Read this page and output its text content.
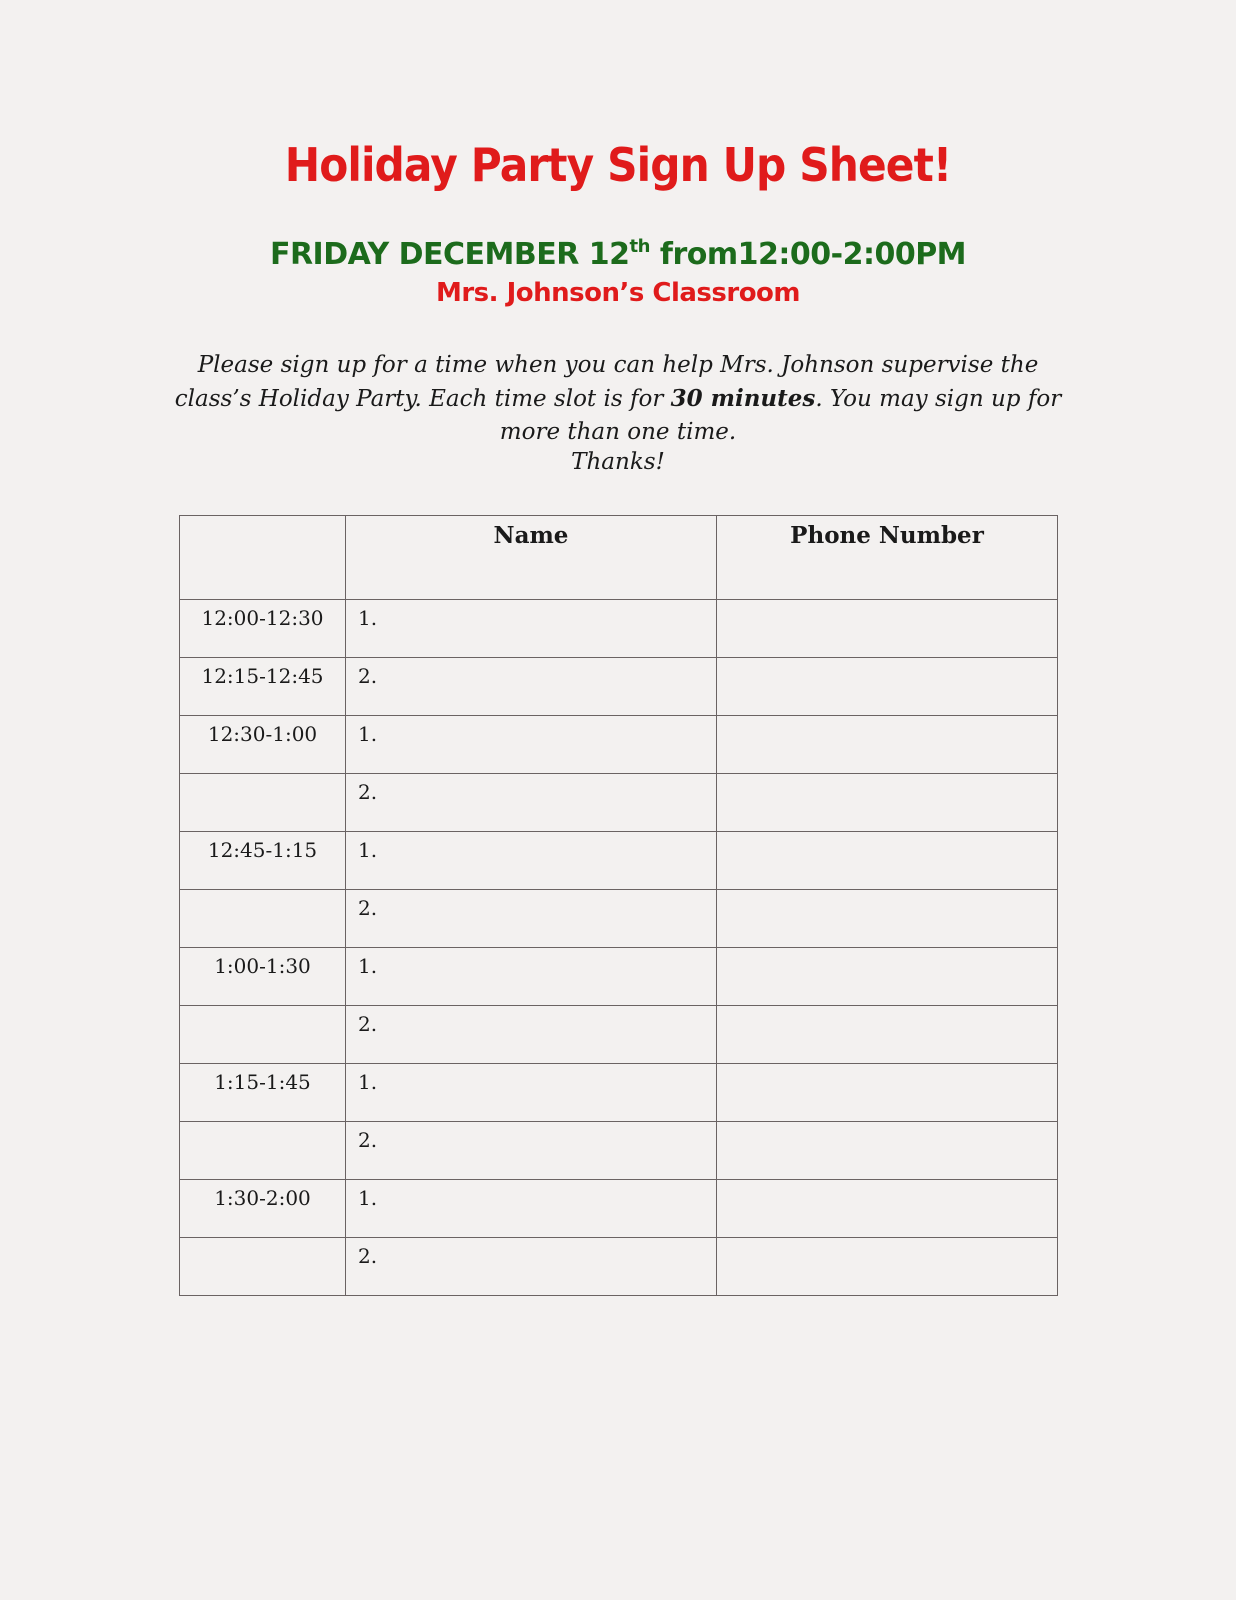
Holiday Party Sign Up Sheet!
FRIDAY DECEMBER 12th from12:00-2:00PM
Mrs. Johnson’s Classroom
Please sign up for a time when you can help Mrs. Johnson supervise the class’s Holiday Party. Each time slot is for 30 minutes. You may sign up for more than one time.
Thanks!
	Name	Phone Number
12:00-12:30	1.	
12:15-12:45	2.	
12:30-1:00	1.	
	2.	
12:45-1:15	1.	
	2.	
1:00-1:30	1.	
	2.	
1:15-1:45	1.	
	2.	
1:30-2:00	1.	
	2.	
